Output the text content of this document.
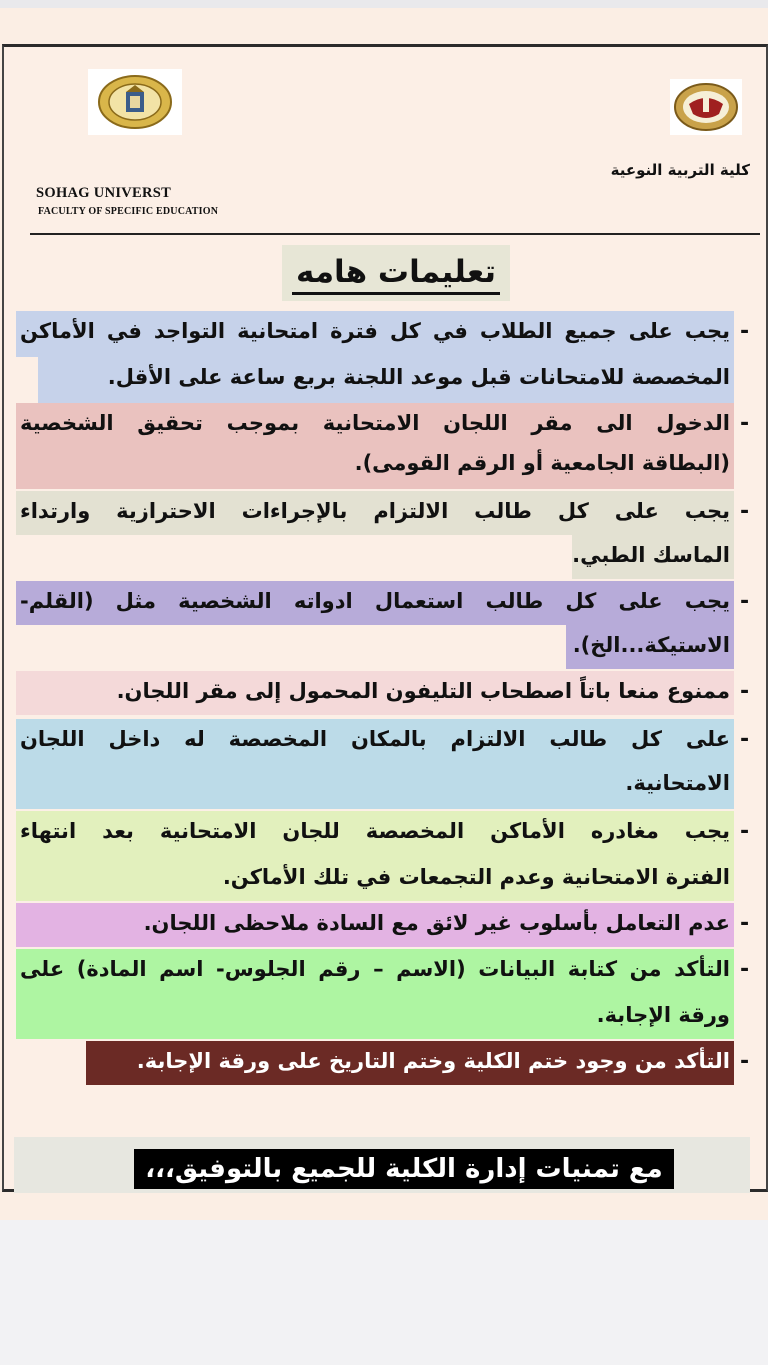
كلية التربية النوعية
SOHAG UNIVERST
FACULTY OF SPECIFIC EDUCATION
تعليمات هامه
يجب على جميع الطلاب في كل فترة امتحانية التواجد في الأماكن -
المخصصة للامتحانات قبل موعد اللجنة بربع ساعة على الأقل.
الدخول الى مقر اللجان الامتحانية بموجب تحقيق الشخصية -
(البطاقة الجامعية أو الرقم القومى).
يجب على كل طالب الالتزام بالإجراءات الاحترازية وارتداء -
الماسك الطبي.
يجب على كل طالب استعمال ادواته الشخصية مثل (القلم- -
الاستيكة...الخ).
ممنوع منعا باتاً اصطحاب التليفون المحمول إلى مقر اللجان. -
على كل طالب الالتزام بالمكان المخصصة له داخل اللجان -
الامتحانية.
يجب مغادره الأماكن المخصصة للجان الامتحانية بعد انتهاء -
الفترة الامتحانية وعدم التجمعات في تلك الأماكن.
عدم التعامل بأسلوب غير لائق مع السادة ملاحظى اللجان. -
التأكد من كتابة البيانات (الاسم – رقم الجلوس- اسم المادة) على -
ورقة الإجابة.
التأكد من وجود ختم الكلية وختم التاريخ على ورقة الإجابة. -
مع تمنيات إدارة الكلية للجميع بالتوفيق،،،
